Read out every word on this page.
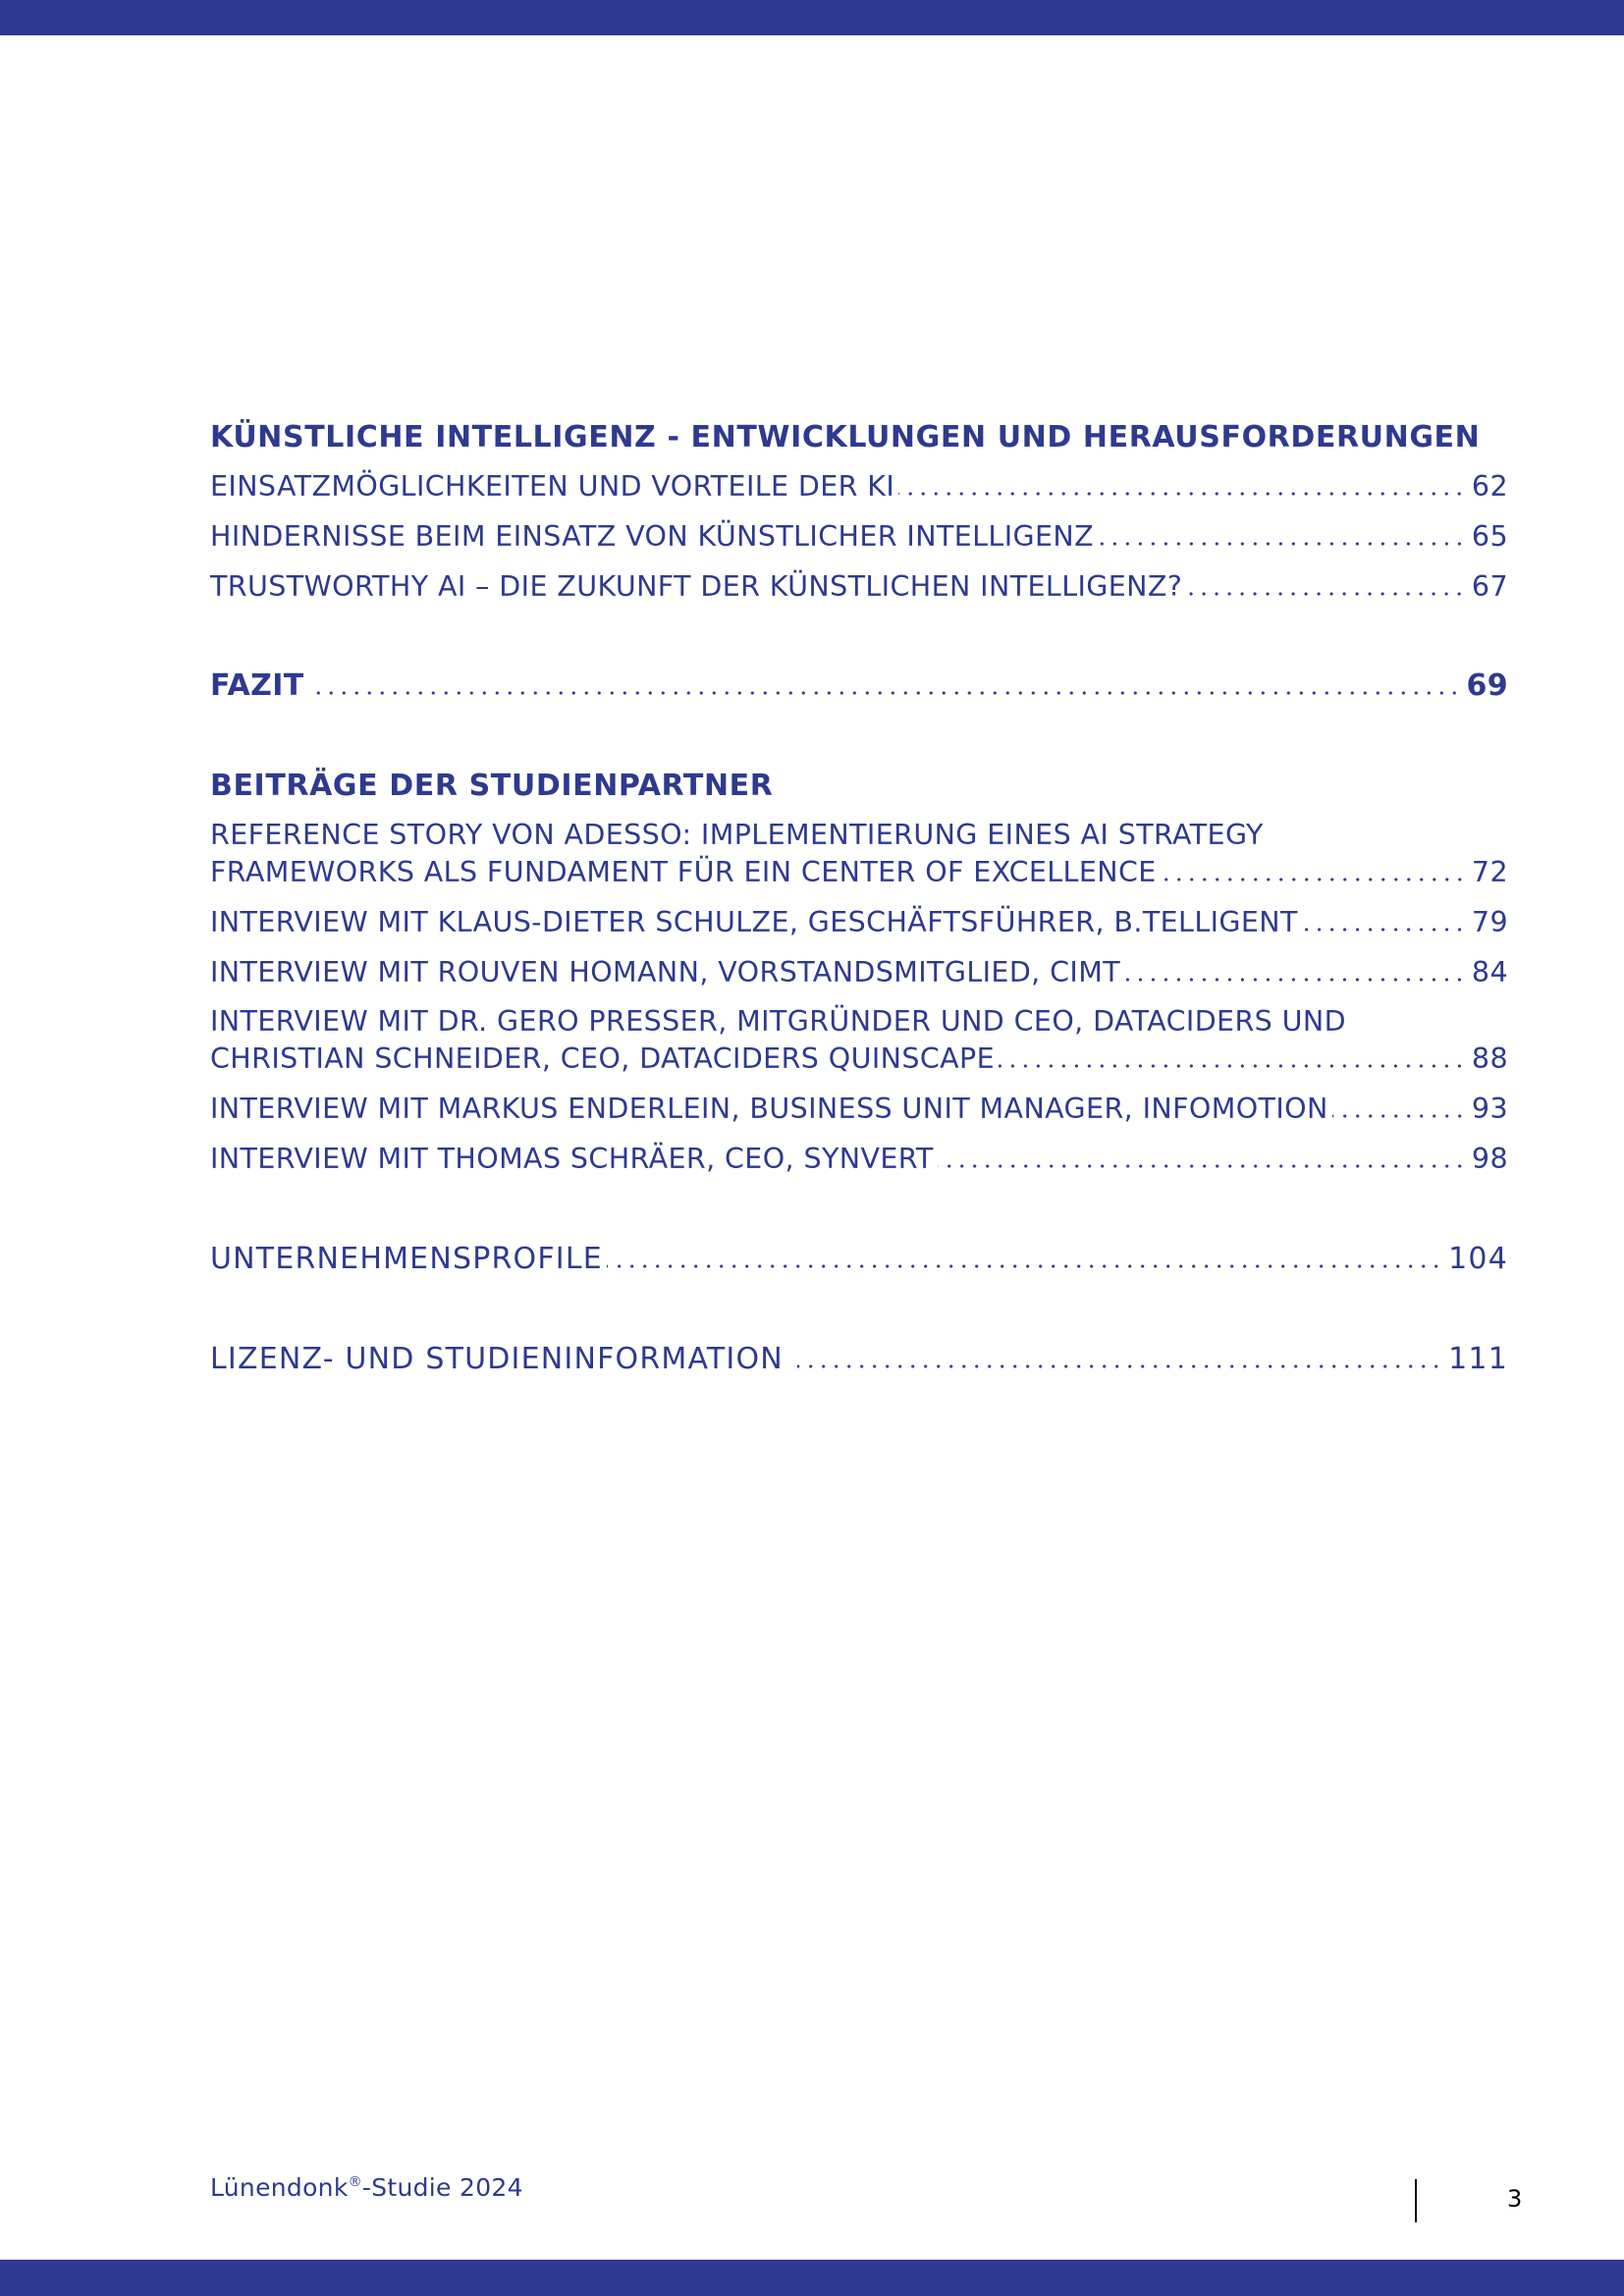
KÜNSTLICHE INTELLIGENZ - ENTWICKLUNGEN UND HERAUSFORDERUNGEN
EINSATZMÖGLICHKEITEN UND VORTEILE DER KI	62
HINDERNISSE BEIM EINSATZ VON KÜNSTLICHER INTELLIGENZ	65
TRUSTWORTHY AI – DIE ZUKUNFT DER KÜNSTLICHEN INTELLIGENZ?	67
FAZIT	69
BEITRÄGE DER STUDIENPARTNER
REFERENCE STORY VON ADESSO: IMPLEMENTIERUNG EINES AI STRATEGY
FRAMEWORKS ALS FUNDAMENT FÜR EIN CENTER OF EXCELLENCE	72
INTERVIEW MIT KLAUS-DIETER SCHULZE, GESCHÄFTSFÜHRER, B.TELLIGENT	79
INTERVIEW MIT ROUVEN HOMANN, VORSTANDSMITGLIED, CIMT	84
INTERVIEW MIT DR. GERO PRESSER, MITGRÜNDER UND CEO, DATACIDERS UND
CHRISTIAN SCHNEIDER, CEO, DATACIDERS QUINSCAPE	88
INTERVIEW MIT MARKUS ENDERLEIN, BUSINESS UNIT MANAGER, INFOMOTION	93
INTERVIEW MIT THOMAS SCHRÄER, CEO, SYNVERT	98
UNTERNEHMENSPROFILE	104
LIZENZ- UND STUDIENINFORMATION	111
Lünendonk®-Studie 2024	3
